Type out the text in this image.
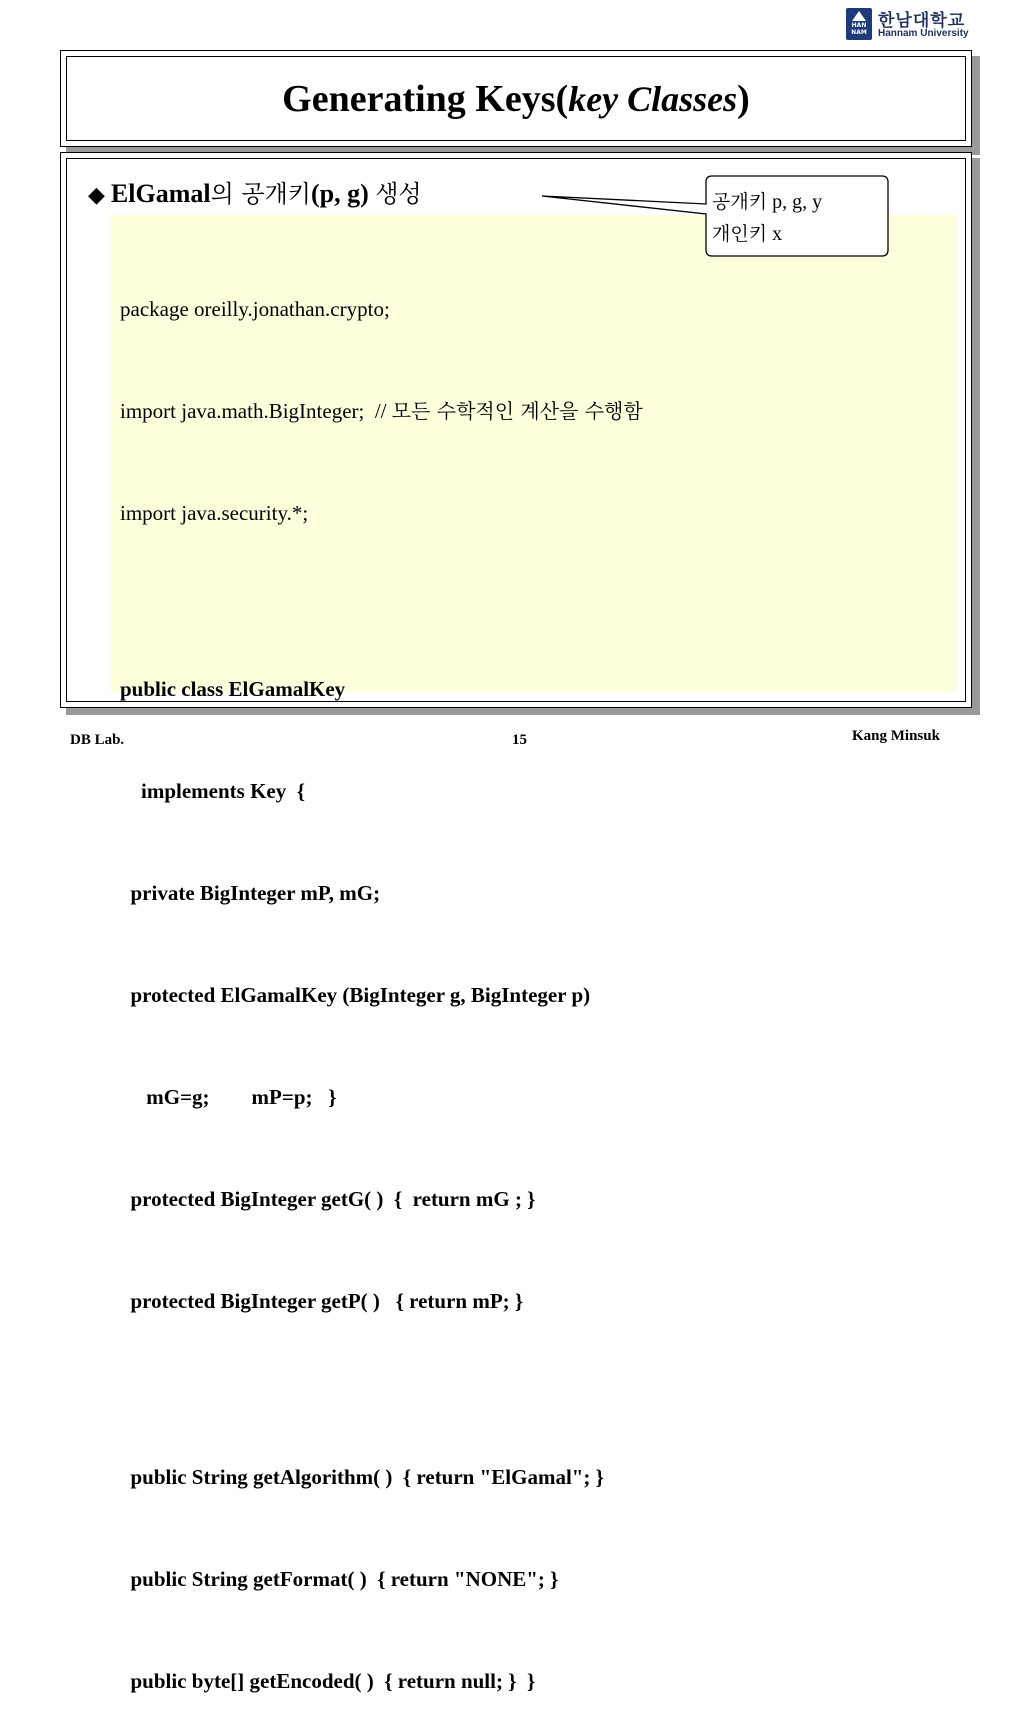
HAN NAM
한남대학교
Hannam University
Generating Keys(key Classes)
◆ ElGamal의 공개키(p, g) 생성

package oreilly.jonathan.crypto;

import java.math.BigInteger;  // 모든 수학적인 계산을 수행함

import java.security.*;

public class ElGamalKey

implements Key  {

private BigInteger mP, mG;

protected ElGamalKey (BigInteger g, BigInteger p)

mG=g;        mP=p;   }

protected BigInteger getG( )  {  return mG ; }

protected BigInteger getP( )   { return mP; }

public String getAlgorithm( )  { return "ElGamal"; }

public String getFormat( )  { return "NONE"; }

public byte[] getEncoded( )  { return null; }  }

공개키 p, g, y
개인키 x
DB Lab.	15	Kang Minsuk
